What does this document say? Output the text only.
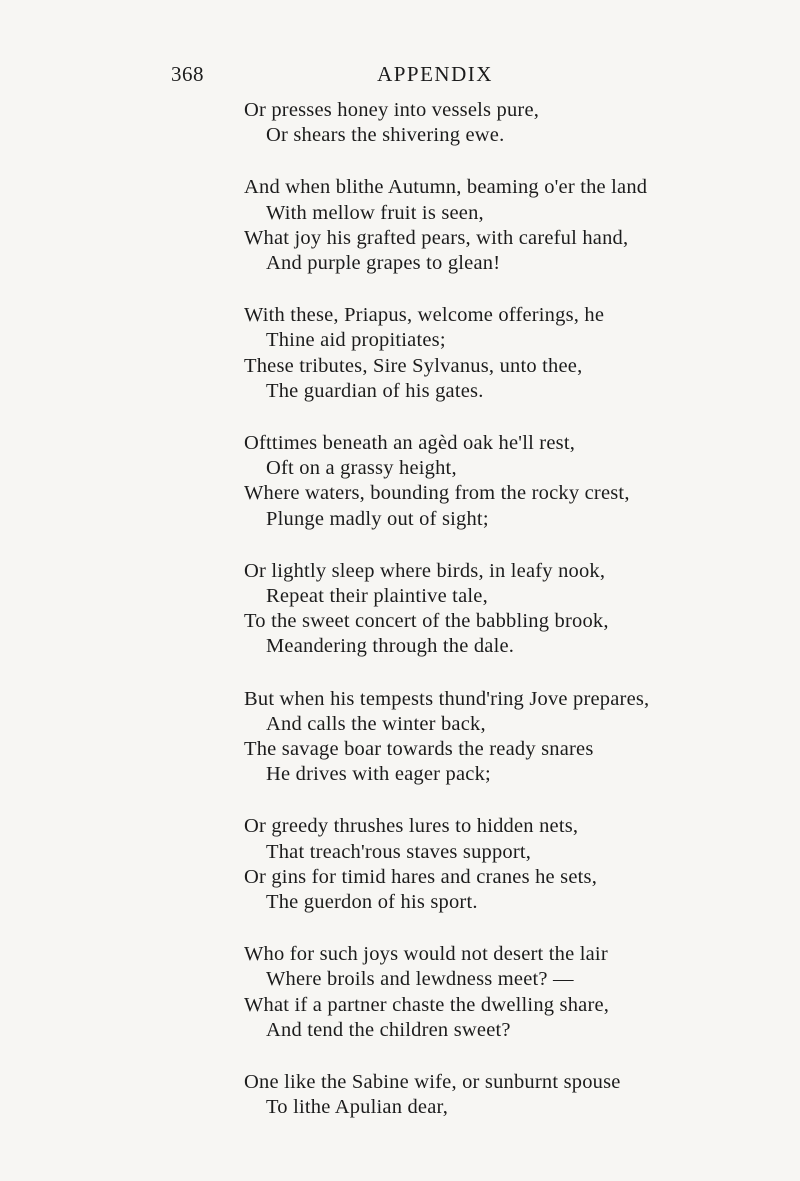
368	APPENDIX
Or presses honey into vessels pure,
Or shears the shivering ewe.
And when blithe Autumn, beaming o'er the land
With mellow fruit is seen,
What joy his grafted pears, with careful hand,
And purple grapes to glean!
With these, Priapus, welcome offerings, he
Thine aid propitiates;
These tributes, Sire Sylvanus, unto thee,
The guardian of his gates.
Ofttimes beneath an agèd oak he'll rest,
Oft on a grassy height,
Where waters, bounding from the rocky crest,
Plunge madly out of sight;
Or lightly sleep where birds, in leafy nook,
Repeat their plaintive tale,
To the sweet concert of the babbling brook,
Meandering through the dale.
But when his tempests thund'ring Jove prepares,
And calls the winter back,
The savage boar towards the ready snares
He drives with eager pack;
Or greedy thrushes lures to hidden nets,
That treach'rous staves support,
Or gins for timid hares and cranes he sets,
The guerdon of his sport.
Who for such joys would not desert the lair
Where broils and lewdness meet? —
What if a partner chaste the dwelling share,
And tend the children sweet?
One like the Sabine wife, or sunburnt spouse
To lithe Apulian dear,
